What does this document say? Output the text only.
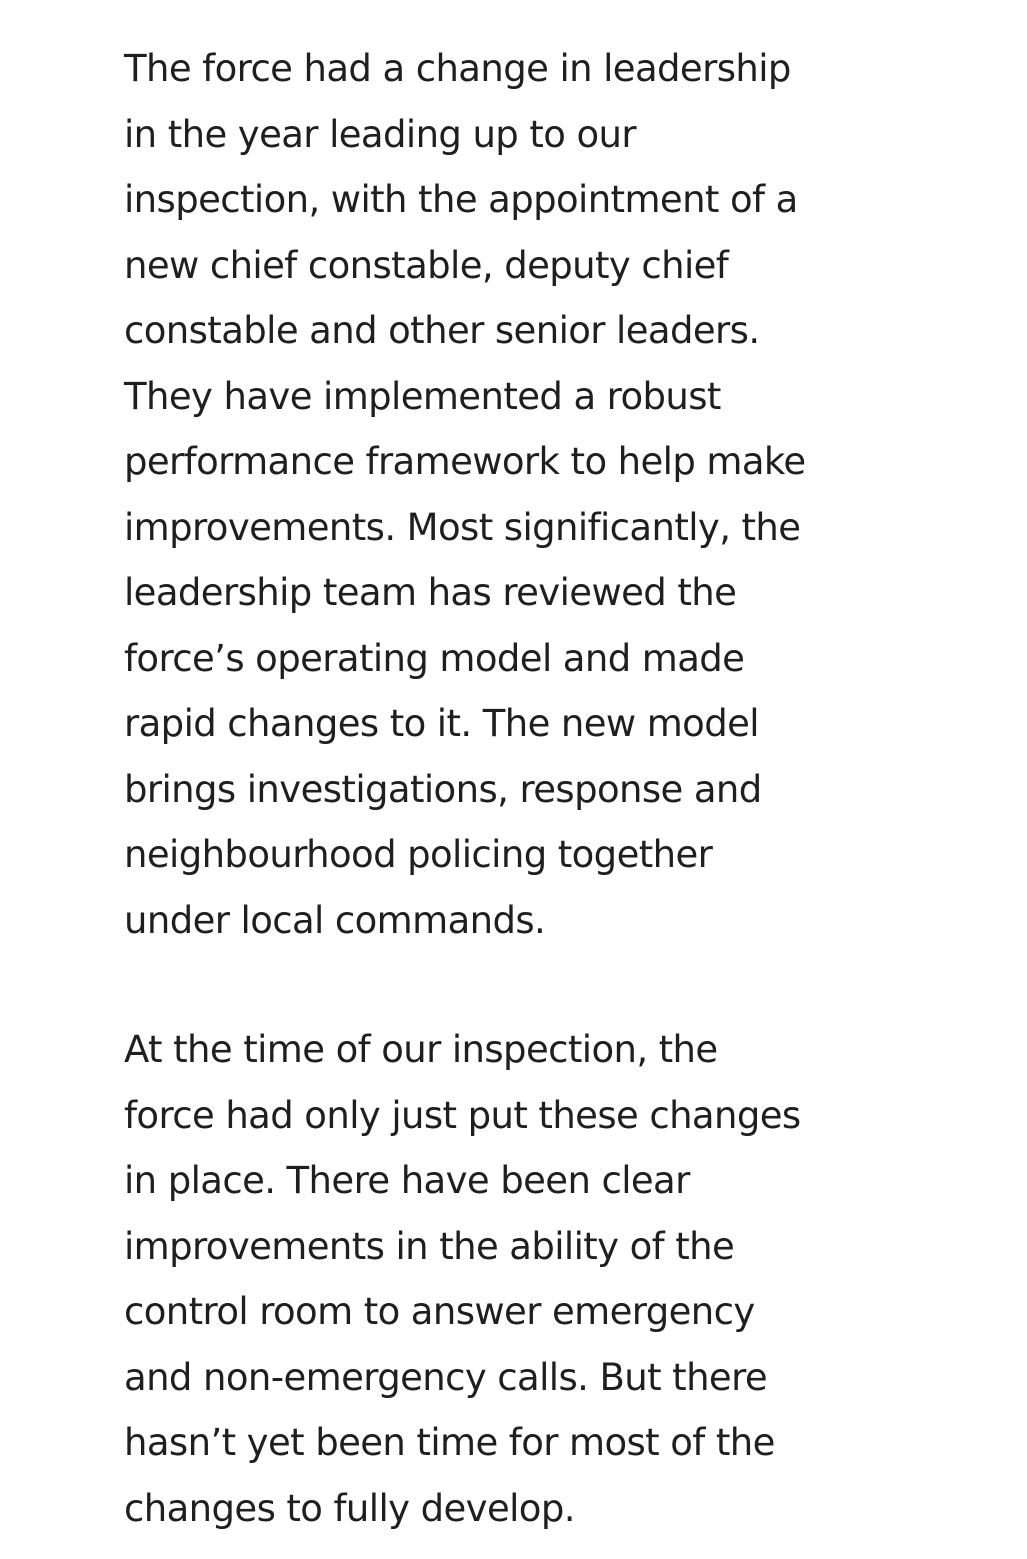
The force had a change in leadership
in the year leading up to our
inspection, with the appointment of a
new chief constable, deputy chief
constable and other senior leaders.
They have implemented a robust
performance framework to help make
improvements. Most significantly, the
leadership team has reviewed the
force’s operating model and made
rapid changes to it. The new model
brings investigations, response and
neighbourhood policing together
under local commands.

At the time of our inspection, the
force had only just put these changes
in place. There have been clear
improvements in the ability of the
control room to answer emergency
and non-emergency calls. But there
hasn’t yet been time for most of the
changes to fully develop.
